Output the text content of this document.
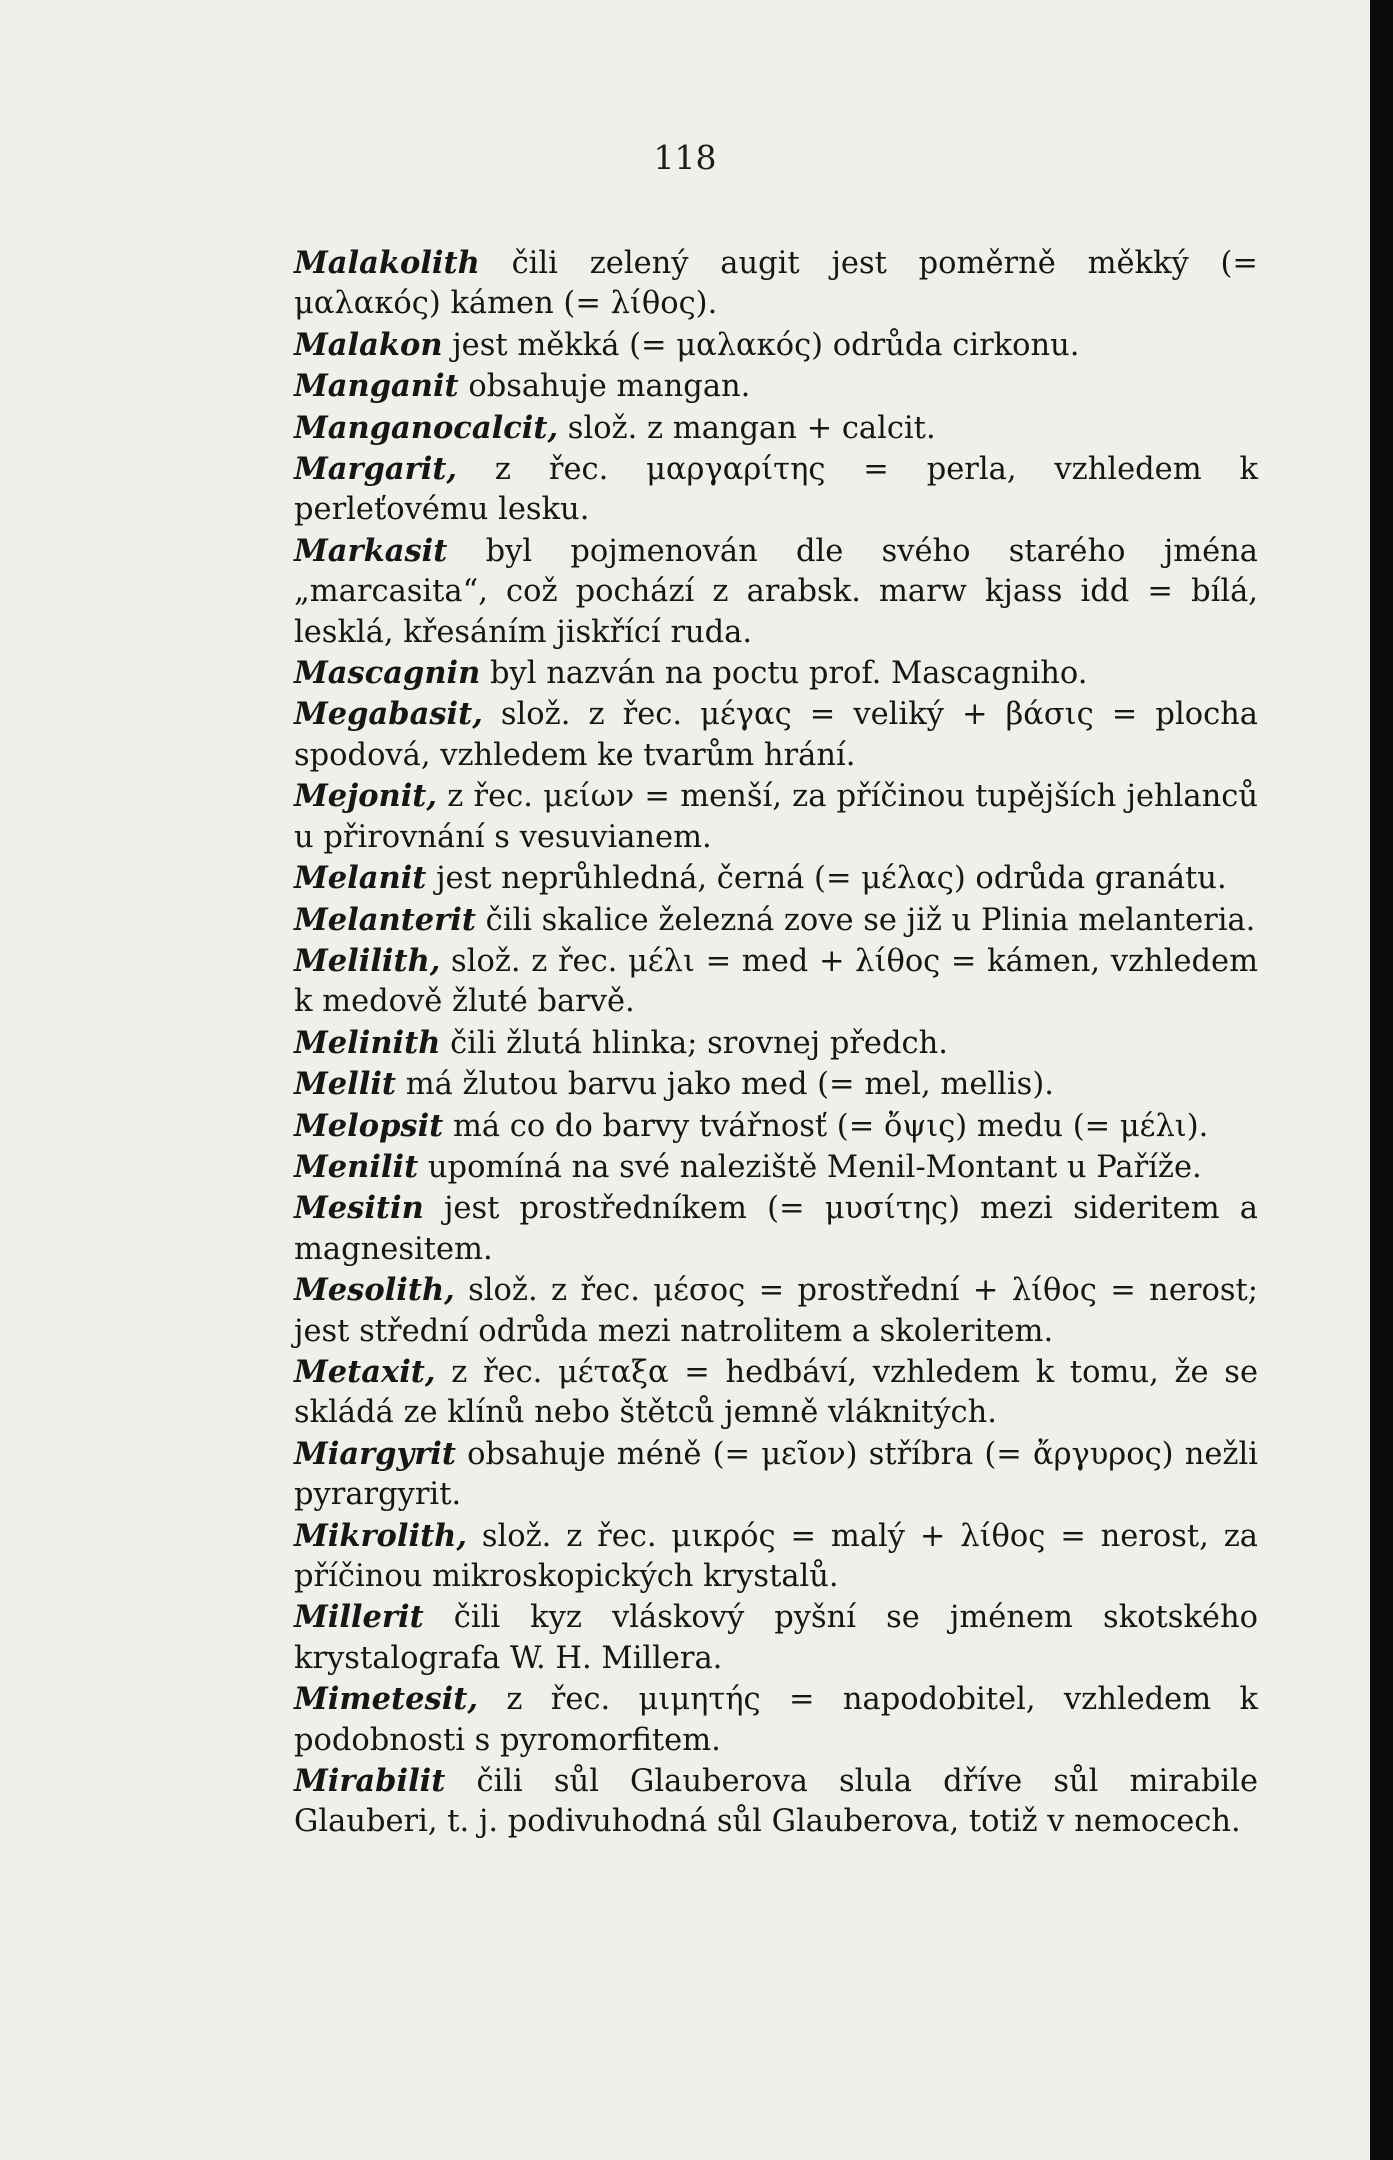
118

Malakolith čili zelený augit jest poměrně měkký (= μαλακός) kámen (= λίθος).

Malakon jest měkká (= μαλακός) odrůda cirkonu.

Manganit obsahuje mangan.

Manganocalcit, slož. z mangan + calcit.

Margarit, z řec. μαργαρίτης = perla, vzhledem k perleťovému lesku.

Markasit byl pojmenován dle svého starého jména „marcasita“, což pochází z arabsk. marw kjass idd = bílá, lesklá, křesáním jiskřící ruda.

Mascagnin byl nazván na poctu prof. Mascagniho.

Megabasit, slož. z řec. μέγας = veliký + βάσις = plocha spodová, vzhledem ke tvarům hrání.

Mejonit, z řec. μείων = menší, za příčinou tupějších jehlanců u přirovnání s vesuvianem.

Melanit jest neprůhledná, černá (= μέλας) odrůda granátu.

Melanterit čili skalice železná zove se již u Plinia melanteria.

Melilith, slož. z řec. μέλι = med + λίθος = kámen, vzhledem k medově žluté barvě.

Melinith čili žlutá hlinka; srovnej předch.

Mellit má žlutou barvu jako med (= mel, mellis).

Melopsit má co do barvy tvářnosť (= ὄψις) medu (= μέλι).

Menilit upomíná na své naleziště Menil-Montant u Paříže.

Mesitin jest prostředníkem (= μυσίτης) mezi sideritem a magnesitem.

Mesolith, slož. z řec. μέσος = prostřední + λίθος = nerost; jest střední odrůda mezi natrolitem a skoleritem.

Metaxit, z řec. μέταξα = hedbáví, vzhledem k tomu, že se skládá ze klínů nebo štětců jemně vláknitých.

Miargyrit obsahuje méně (= μεῖον) stříbra (= ἄργυρος) nežli pyrargyrit.

Mikrolith, slož. z řec. μικρός = malý + λίθος = nerost, za příčinou mikroskopických krystalů.

Millerit čili kyz vláskový pyšní se jménem skotského krystalografa W. H. Millera.

Mimetesit, z řec. μιμητής = napodobitel, vzhledem k podobnosti s pyromorfitem.

Mirabilit čili sůl Glauberova slula dříve sůl mirabile Glauberi, t. j. podivuhodná sůl Glauberova, totiž v nemocech.
